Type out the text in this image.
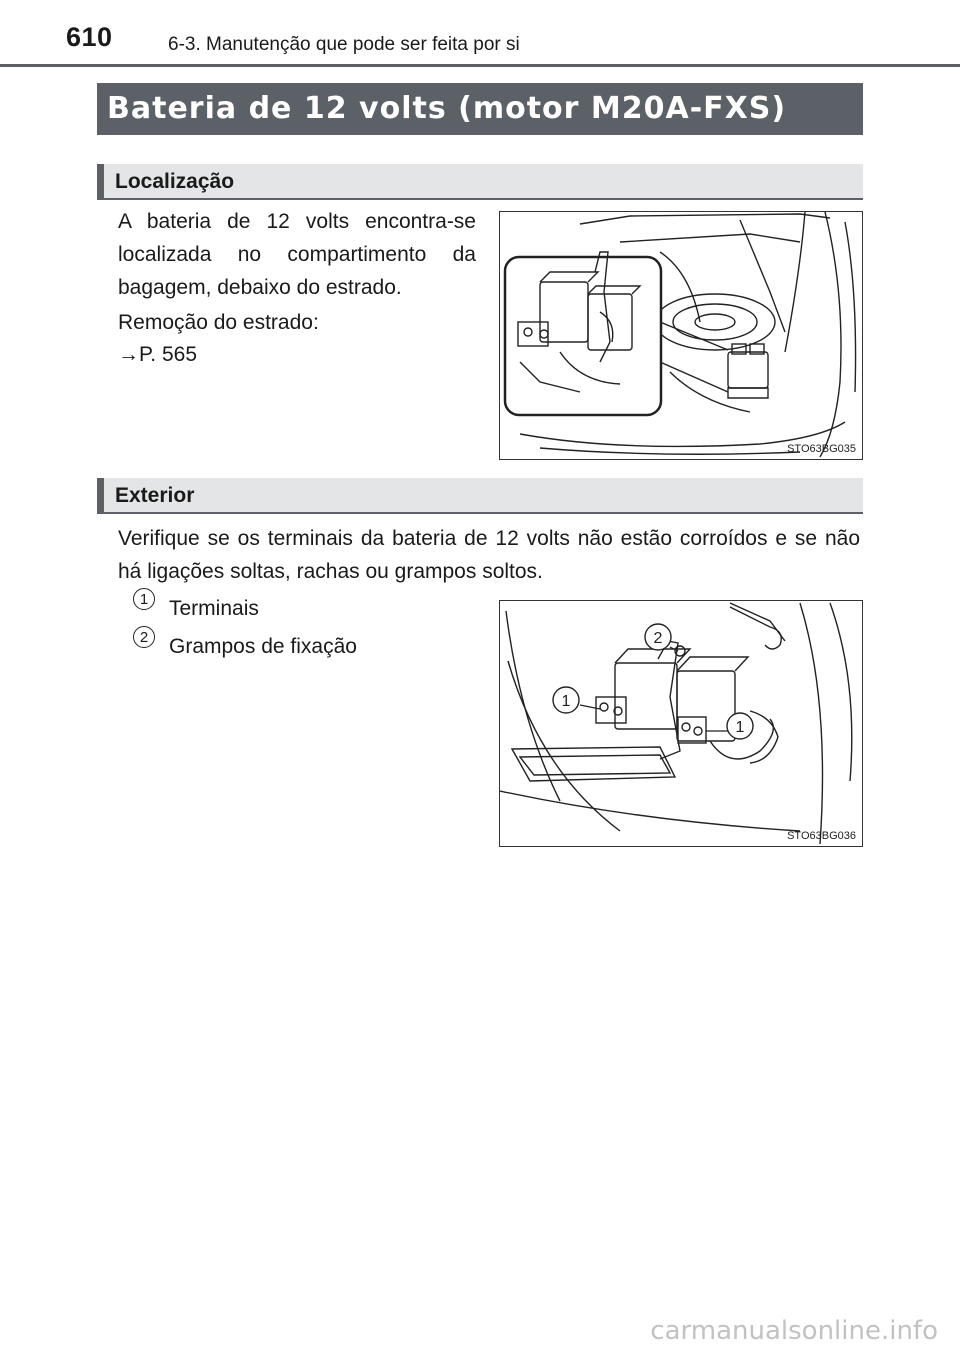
610	6-3. Manutenção que pode ser feita por si
Bateria de 12 volts (motor M20A-FXS)
Localização
A bateria de 12 volts encontra-se localizada no compartimento da bagagem, debaixo do estrado.
Remoção do estrado:
→P. 565
STO63BG035
Exterior
Verifique se os terminais da bateria de 12 volts não estão corroídos e se não há ligações soltas, rachas ou grampos soltos.
1 Terminais
2 Grampos de fixação
1
2
1
STO63BG036
carmanualsonline.info
